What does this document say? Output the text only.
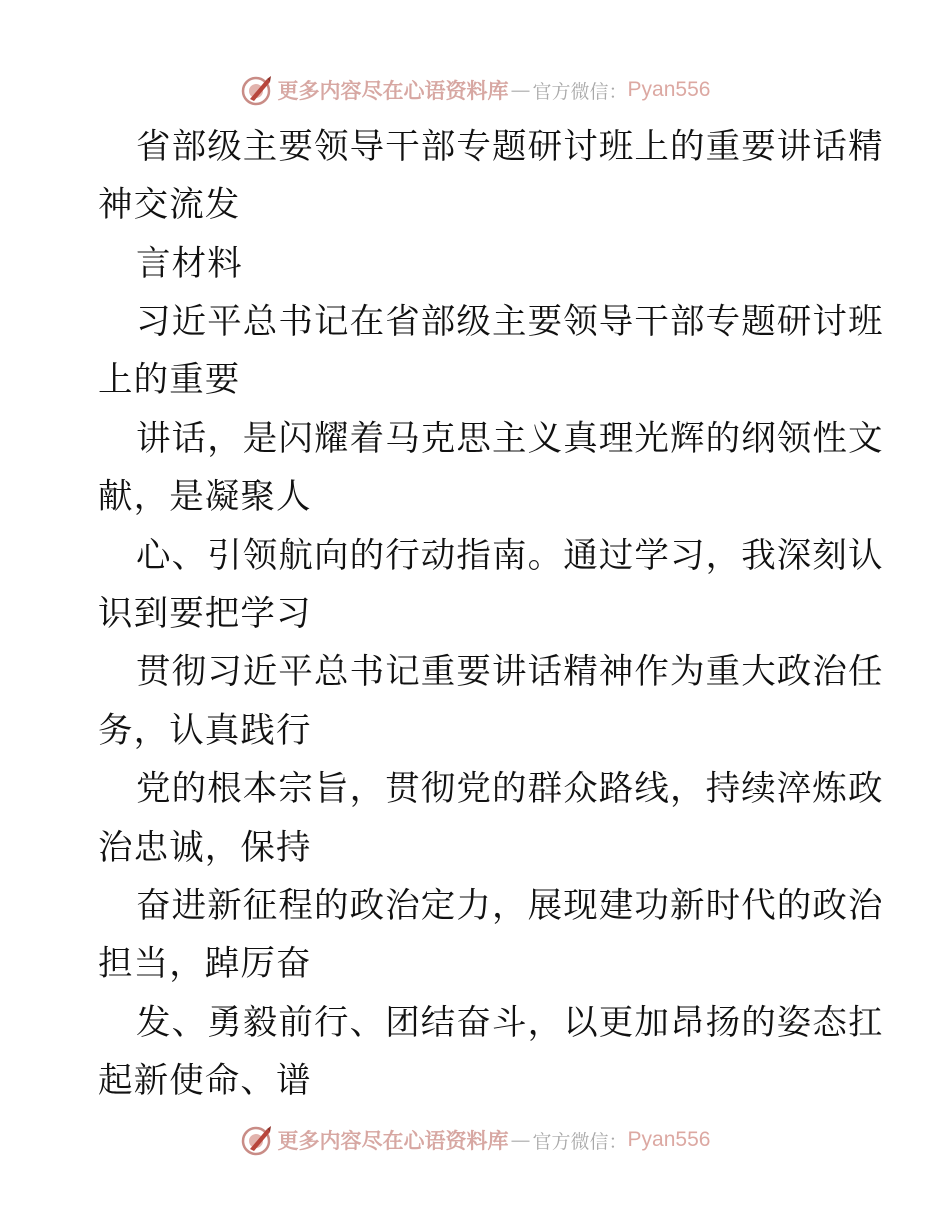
更多内容尽在心语资料库 — 官方微信： Pyan556
省部级主要领导干部专题研讨班上的重要讲话精
神交流发
言材料
习近平总书记在省部级主要领导干部专题研讨班
上的重要
讲话，是闪耀着马克思主义真理光辉的纲领性文
献，是凝聚人
心、引领航向的行动指南。通过学习，我深刻认
识到要把学习
贯彻习近平总书记重要讲话精神作为重大政治任
务，认真践行
党的根本宗旨，贯彻党的群众路线，持续淬炼政
治忠诚，保持
奋进新征程的政治定力，展现建功新时代的政治
担当，踔厉奋
发、勇毅前行、团结奋斗，以更加昂扬的姿态扛
起新使命、谱
更多内容尽在心语资料库 — 官方微信： Pyan556
